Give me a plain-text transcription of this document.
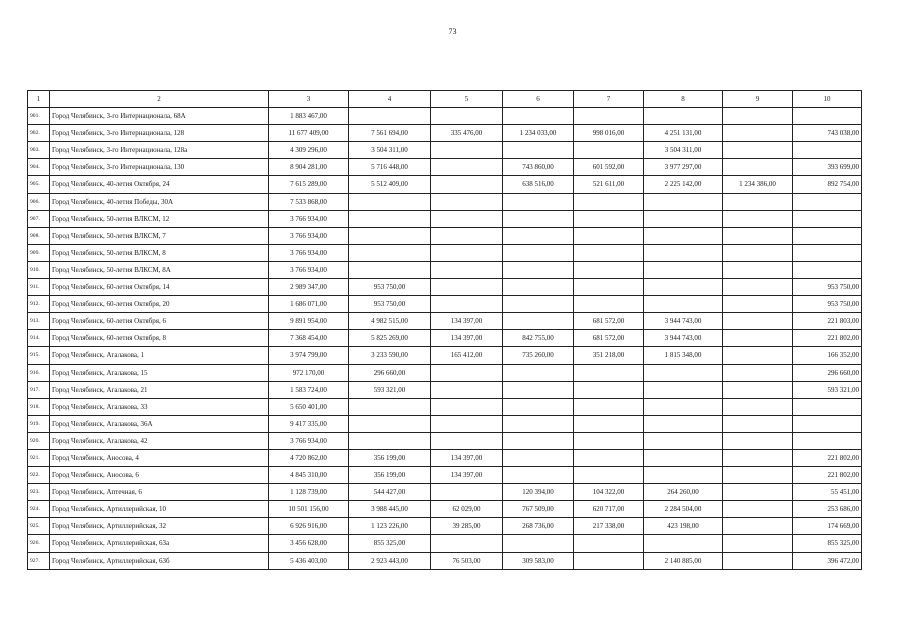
73
1	2	3	4	5	6	7	8	9	10
901.	Город Челябинск, 3-го Интернационала, 68А	1 883 467,00							
902.	Город Челябинск, 3-го Интернационала, 128	11 677 409,00	7 561 694,00	335 476,00	1 234 033,00	998 016,00	4 251 131,00		743 038,00
903.	Город Челябинск, 3-го Интернационала, 128а	4 309 296,00	3 504 311,00				3 504 311,00		
904.	Город Челябинск, 3-го Интернационала, 130	8 904 281,00	5 716 448,00		743 860,00	601 592,00	3 977 297,00		393 699,00
905.	Город Челябинск, 40-летия Октября, 24	7 615 289,00	5 512 409,00		638 516,00	521 611,00	2 225 142,00	1 234 386,00	892 754,00
906.	Город Челябинск, 40-летия Победы, 30А	7 533 868,00							
907.	Город Челябинск, 50-летия ВЛКСМ, 12	3 766 934,00							
908.	Город Челябинск, 50-летия ВЛКСМ, 7	3 766 934,00							
909.	Город Челябинск, 50-летия ВЛКСМ, 8	3 766 934,00							
910.	Город Челябинск, 50-летия ВЛКСМ, 8А	3 766 934,00							
911.	Город Челябинск, 60-летия Октября, 14	2 989 347,00	953 750,00						953 750,00
912.	Город Челябинск, 60-летия Октября, 20	1 686 071,00	953 750,00						953 750,00
913.	Город Челябинск, 60-летия Октября, 6	9 891 954,00	4 982 515,00	134 397,00		681 572,00	3 944 743,00		221 803,00
914.	Город Челябинск, 60-летия Октября, 8	7 368 454,00	5 825 269,00	134 397,00	842 755,00	681 572,00	3 944 743,00		221 802,00
915.	Город Челябинск, Агалакова, 1	3 974 799,00	3 233 590,00	165 412,00	735 260,00	351 218,00	1 815 348,00		166 352,00
916.	Город Челябинск, Агалакова, 15	972 170,00	296 660,00						296 660,00
917.	Город Челябинск, Агалакова, 21	1 583 724,00	593 321,00						593 321,00
918.	Город Челябинск, Агалакова, 33	5 650 401,00							
919.	Город Челябинск, Агалакова, 36А	9 417 335,00							
920.	Город Челябинск, Агалакова, 42	3 766 934,00							
921.	Город Челябинск, Аносова, 4	4 720 862,00	356 199,00	134 397,00					221 802,00
922.	Город Челябинск, Аносова, 6	4 845 310,00	356 199,00	134 397,00					221 802,00
923.	Город Челябинск, Аптечная, 6	1 128 739,00	544 427,00		120 394,00	104 322,00	264 260,00		55 451,00
924.	Город Челябинск, Артиллерийская, 10	10 501 156,00	3 988 445,00	62 029,00	767 509,00	620 717,00	2 284 504,00		253 686,00
925.	Город Челябинск, Артиллерийская, 32	6 926 916,00	1 123 226,00	39 285,00	268 736,00	217 338,00	423 198,00		174 669,00
926.	Город Челябинск, Артиллерийская, 63а	3 456 628,00	855 325,00						855 325,00
927.	Город Челябинск, Артиллерийская, 63б	5 436 403,00	2 923 443,00	76 503,00	309 583,00		2 140 885,00		396 472,00
